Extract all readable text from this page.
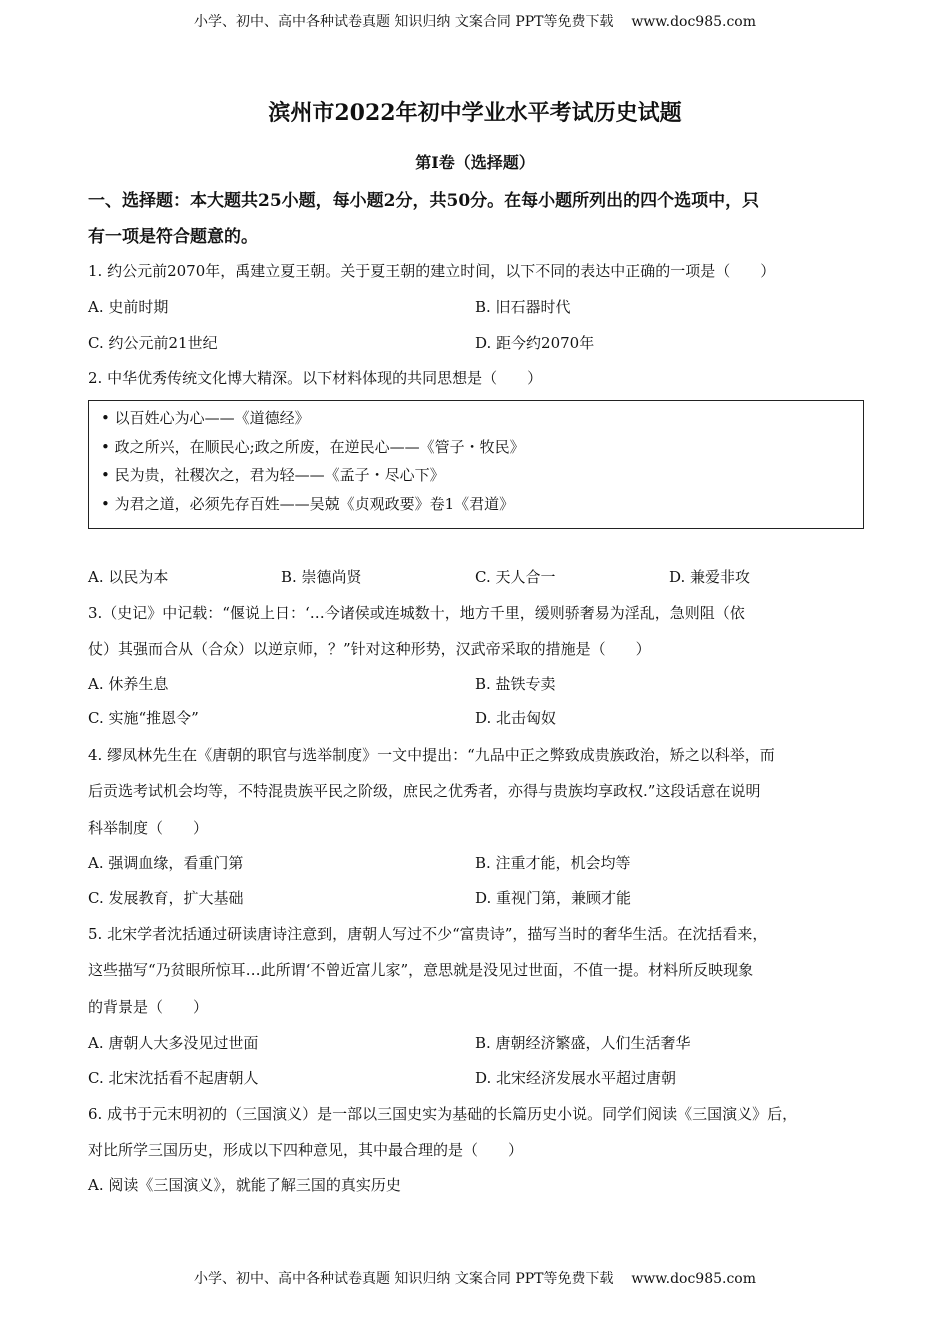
小学、初中、高中各种试卷真题 知识归纳 文案合同 PPT等免费下载 www.doc985.com
滨州市2022年初中学业水平考试历史试题
第Ⅰ卷（选择题）
一、选择题：本大题共25小题，每小题2分，共50分。在每小题所列出的四个选项中，只
有一项是符合题意的。
1. 约公元前2070年，禹建立夏王朝。关于夏王朝的建立时间，以下不同的表达中正确的一项是（　　）
A. 史前时期	B. 旧石器时代
C. 约公元前21世纪	D. 距今约2070年
2. 中华优秀传统文化博大精深。以下材料体现的共同思想是（　　）
• 以百姓心为心——《道德经》
• 政之所兴，在顺民心;政之所废，在逆民心——《管子・牧民》
• 民为贵，社稷次之，君为轻——《孟子・尽心下》
• 为君之道，必须先存百姓——吴兢《贞观政要》卷1《君道》
A. 以民为本	B. 崇德尚贤	C. 天人合一	D. 兼爱非攻
3.（史记》中记载：“偃说上日：‘…今诸侯或连城数十，地方千里，缓则骄奢易为淫乱，急则阻（依
仗）其强而合从（合众）以逆京师，？”针对这种形势，汉武帝采取的措施是（　　）
A. 休养生息	B. 盐铁专卖
C. 实施“推恩令”	D. 北击匈奴
4. 缪凤林先生在《唐朝的职官与选举制度》一文中提出：“九品中正之弊致成贵族政治，矫之以科举，而
后贡选考试机会均等，不特混贵族平民之阶级，庶民之优秀者，亦得与贵族均享政权.”这段话意在说明
科举制度（　　）
A. 强调血缘，看重门第	B. 注重才能，机会均等
C. 发展教育，扩大基础	D. 重视门第，兼顾才能
5. 北宋学者沈括通过研读唐诗注意到，唐朝人写过不少“富贵诗”，描写当时的奢华生活。在沈括看来，
这些描写“乃贫眼所惊耳…此所谓‘不曾近富儿家”，意思就是没见过世面，不值一提。材料所反映现象
的背景是（　　）
A. 唐朝人大多没见过世面	B. 唐朝经济繁盛，人们生活奢华
C. 北宋沈括看不起唐朝人	D. 北宋经济发展水平超过唐朝
6. 成书于元末明初的（三国演义）是一部以三国史实为基础的长篇历史小说。同学们阅读《三国演义》后，
对比所学三国历史，形成以下四种意见，其中最合理的是（　　）
A. 阅读《三国演义》，就能了解三国的真实历史
小学、初中、高中各种试卷真题 知识归纳 文案合同 PPT等免费下载 www.doc985.com
